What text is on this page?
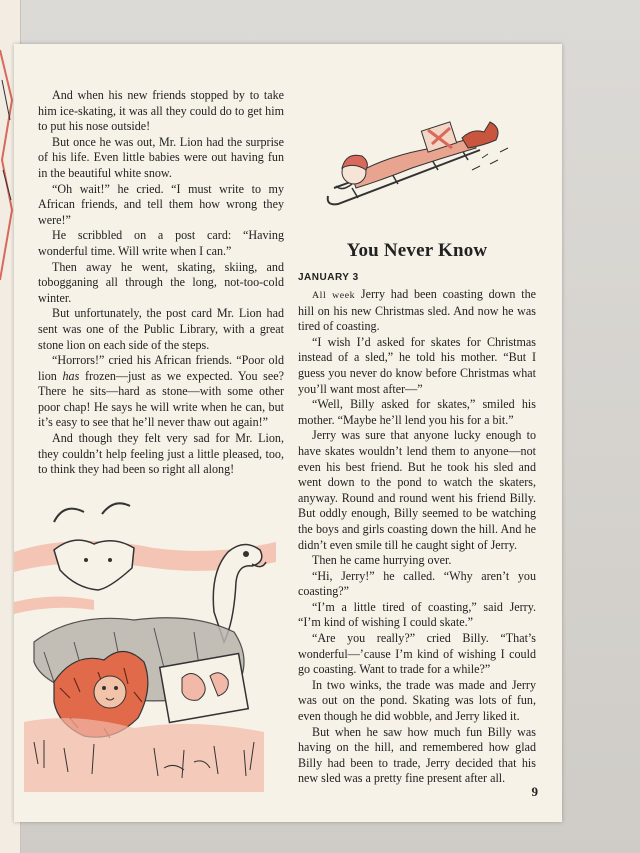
And when his new friends stopped by to take him ice-skating, it was all they could do to get him to put his nose outside!

But once he was out, Mr. Lion had the surprise of his life. Even little babies were out having fun in the beautiful white snow.

“Oh wait!” he cried. “I must write to my African friends, and tell them how wrong they were!”

He scribbled on a post card: “Having wonderful time. Will write when I can.”

Then away he went, skating, skiing, and tobogganing all through the long, not-too-cold winter.

But unfortunately, the post card Mr. Lion had sent was one of the Public Library, with a great stone lion on each side of the steps.

“Horrors!” cried his African friends. “Poor old lion has frozen—just as we expected. You see? There he sits—hard as stone—with some other poor chap! He says he will write when he can, but it’s easy to see that he’ll never thaw out again!”

And though they felt very sad for Mr. Lion, they couldn’t help feeling just a little pleased, too, to think they had been so right all along!

You Never Know
JANUARY 3

All week Jerry had been coasting down the hill on his new Christmas sled. And now he was tired of coasting.

“I wish I’d asked for skates for Christmas instead of a sled,” he told his mother. “But I guess you never do know before Christmas what you’ll want most after—”

“Well, Billy asked for skates,” smiled his mother. “Maybe he’ll lend you his for a bit.”

Jerry was sure that anyone lucky enough to have skates wouldn’t lend them to anyone—not even his best friend. But he took his sled and went down to the pond to watch the skaters, anyway. Round and round went his friend Billy. But oddly enough, Billy seemed to be watching the boys and girls coasting down the hill. And he didn’t even smile till he caught sight of Jerry.

Then he came hurrying over.

“Hi, Jerry!” he called. “Why aren’t you coasting?”

“I’m a little tired of coasting,” said Jerry. “I’m kind of wishing I could skate.”

“Are you really?” cried Billy. “That’s wonderful—’cause I’m kind of wishing I could go coasting. Want to trade for a while?”

In two winks, the trade was made and Jerry was out on the pond. Skating was lots of fun, even though he did wobble, and Jerry liked it.

But when he saw how much fun Billy was having on the hill, and remembered how glad Billy had been to trade, Jerry decided that his new sled was a pretty fine present after all.

9
